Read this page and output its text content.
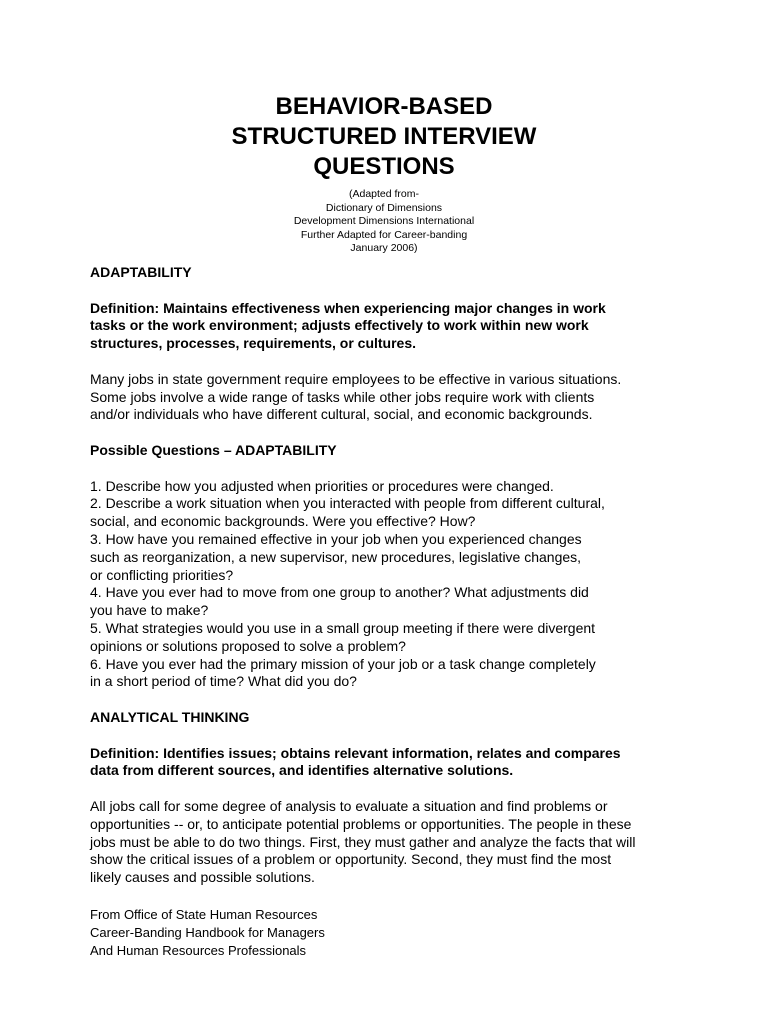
BEHAVIOR-BASED
STRUCTURED INTERVIEW
QUESTIONS
(Adapted from-
Dictionary of Dimensions
Development Dimensions International
Further Adapted for Career-banding
January 2006)

ADAPTABILITY

Definition: Maintains effectiveness when experiencing major changes in work

tasks or the work environment; adjusts effectively to work within new work

structures, processes, requirements, or cultures.

Many jobs in state government require employees to be effective in various situations.

Some jobs involve a wide range of tasks while other jobs require work with clients

and/or individuals who have different cultural, social, and economic backgrounds.

Possible Questions – ADAPTABILITY

1. Describe how you adjusted when priorities or procedures were changed.

2. Describe a work situation when you interacted with people from different cultural,

social, and economic backgrounds. Were you effective? How?

3. How have you remained effective in your job when you experienced changes

such as reorganization, a new supervisor, new procedures, legislative changes,

or conflicting priorities?

4. Have you ever had to move from one group to another? What adjustments did

you have to make?

5. What strategies would you use in a small group meeting if there were divergent

opinions or solutions proposed to solve a problem?

6. Have you ever had the primary mission of your job or a task change completely

in a short period of time? What did you do?

ANALYTICAL THINKING

Definition: Identifies issues; obtains relevant information, relates and compares

data from different sources, and identifies alternative solutions.

All jobs call for some degree of analysis to evaluate a situation and find problems or

opportunities -- or, to anticipate potential problems or opportunities. The people in these

jobs must be able to do two things. First, they must gather and analyze the facts that will

show the critical issues of a problem or opportunity. Second, they must find the most

likely causes and possible solutions.

From Office of State Human Resources

Career-Banding Handbook for Managers

And Human Resources Professionals
